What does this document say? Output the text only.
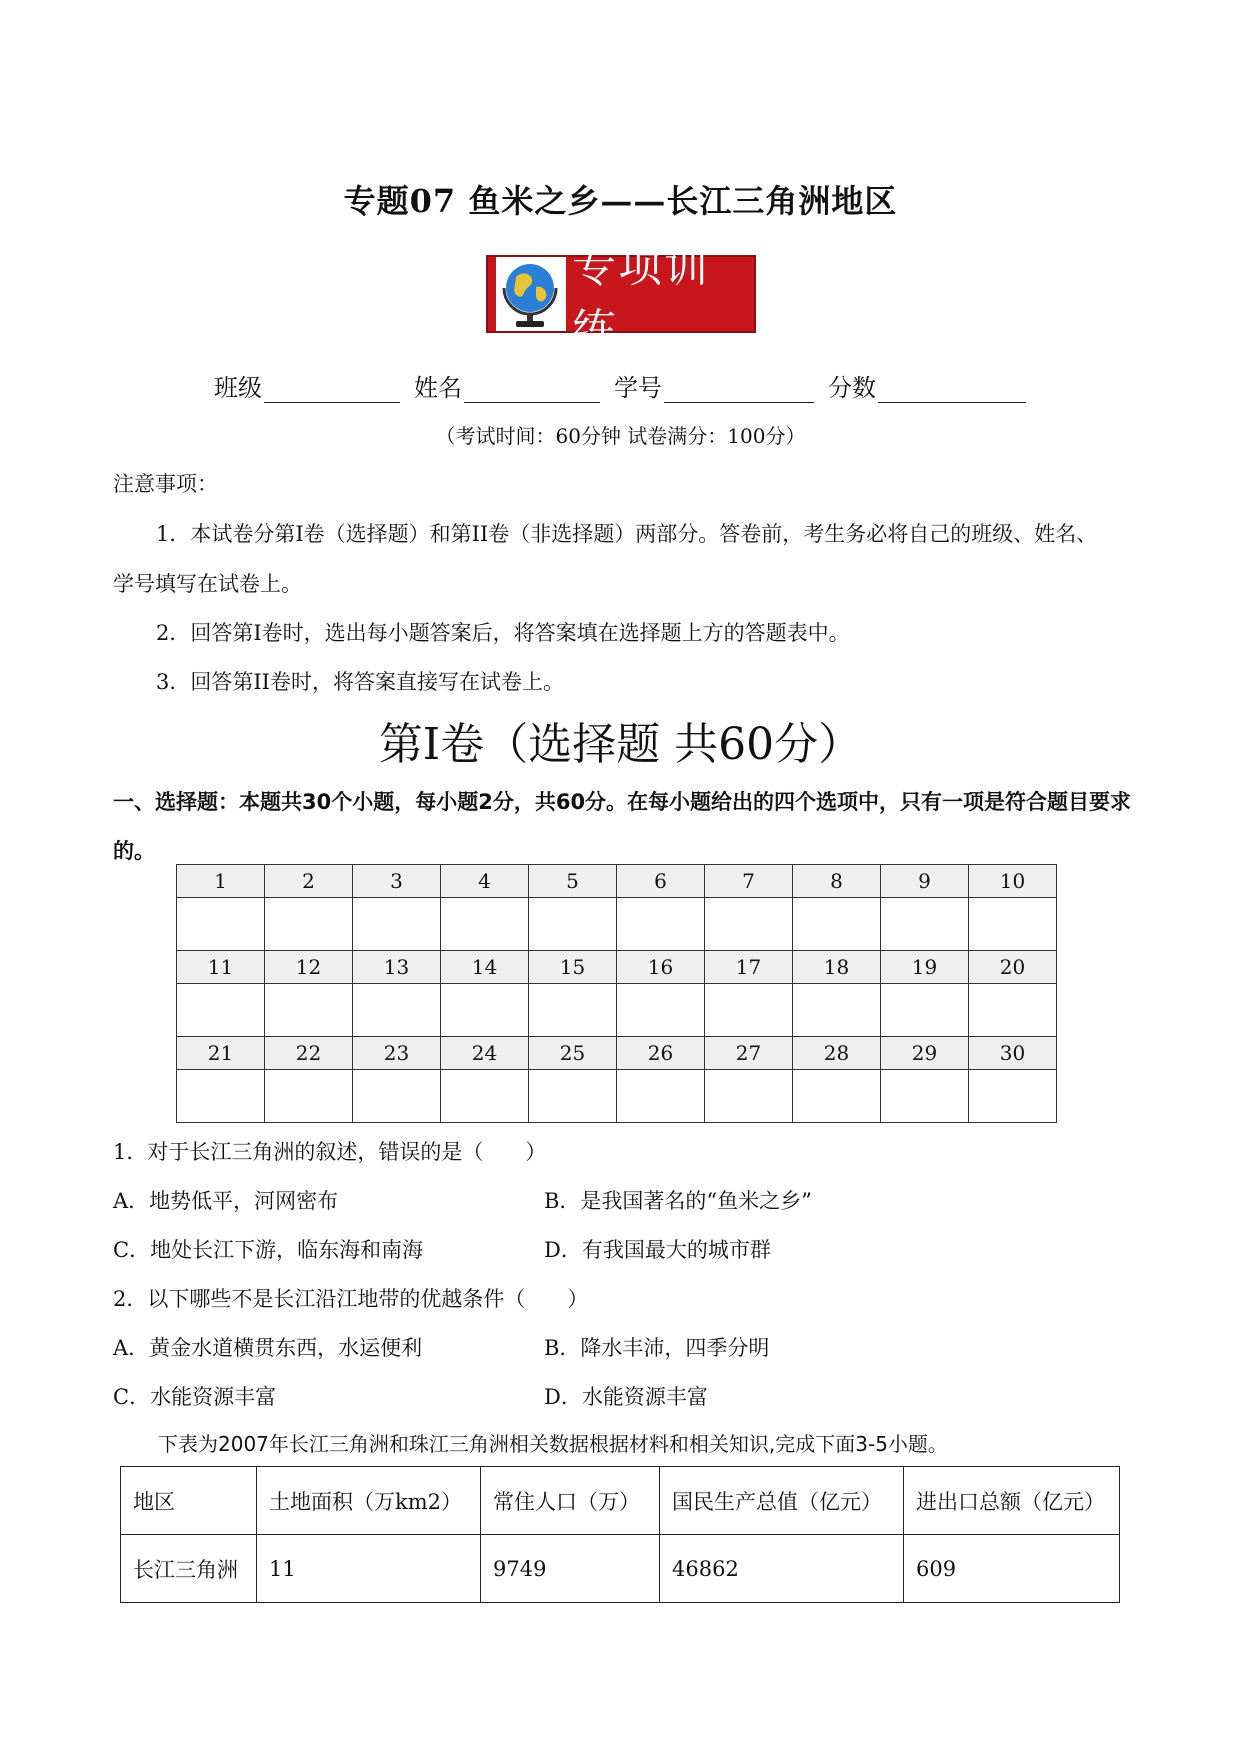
专题07 鱼米之乡——长江三角洲地区
专项训练
班级	姓名	学号	分数
（考试时间：60分钟 试卷满分：100分）
注意事项：
1．本试卷分第I卷（选择题）和第II卷（非选择题）两部分。答卷前，考生务必将自己的班级、姓名、
学号填写在试卷上。
2．回答第I卷时，选出每小题答案后，将答案填在选择题上方的答题表中。
3．回答第II卷时，将答案直接写在试卷上。
第I卷（选择题 共60分）
一、选择题：本题共30个小题，每小题2分，共60分。在每小题给出的四个选项中，只有一项是符合题目要求的。
1	2	3	4	5	6	7	8	9	10

11	12	13	14	15	16	17	18	19	20

21	22	23	24	25	26	27	28	29	30

1．对于长江三角洲的叙述，错误的是（　　）
A．地势低平，河网密布	B．是我国著名的“鱼米之乡”
C．地处长江下游，临东海和南海	D．有我国最大的城市群
2．以下哪些不是长江沿江地带的优越条件（　　）
A．黄金水道横贯东西，水运便利	B．降水丰沛，四季分明
C．水能资源丰富	D．水能资源丰富
下表为2007年长江三角洲和珠江三角洲相关数据根据材料和相关知识,完成下面3-5小题。
地区	土地面积（万km2）	常住人口（万）	国民生产总值（亿元）	进出口总额（亿元）
长江三角洲	11	9749	46862	609
